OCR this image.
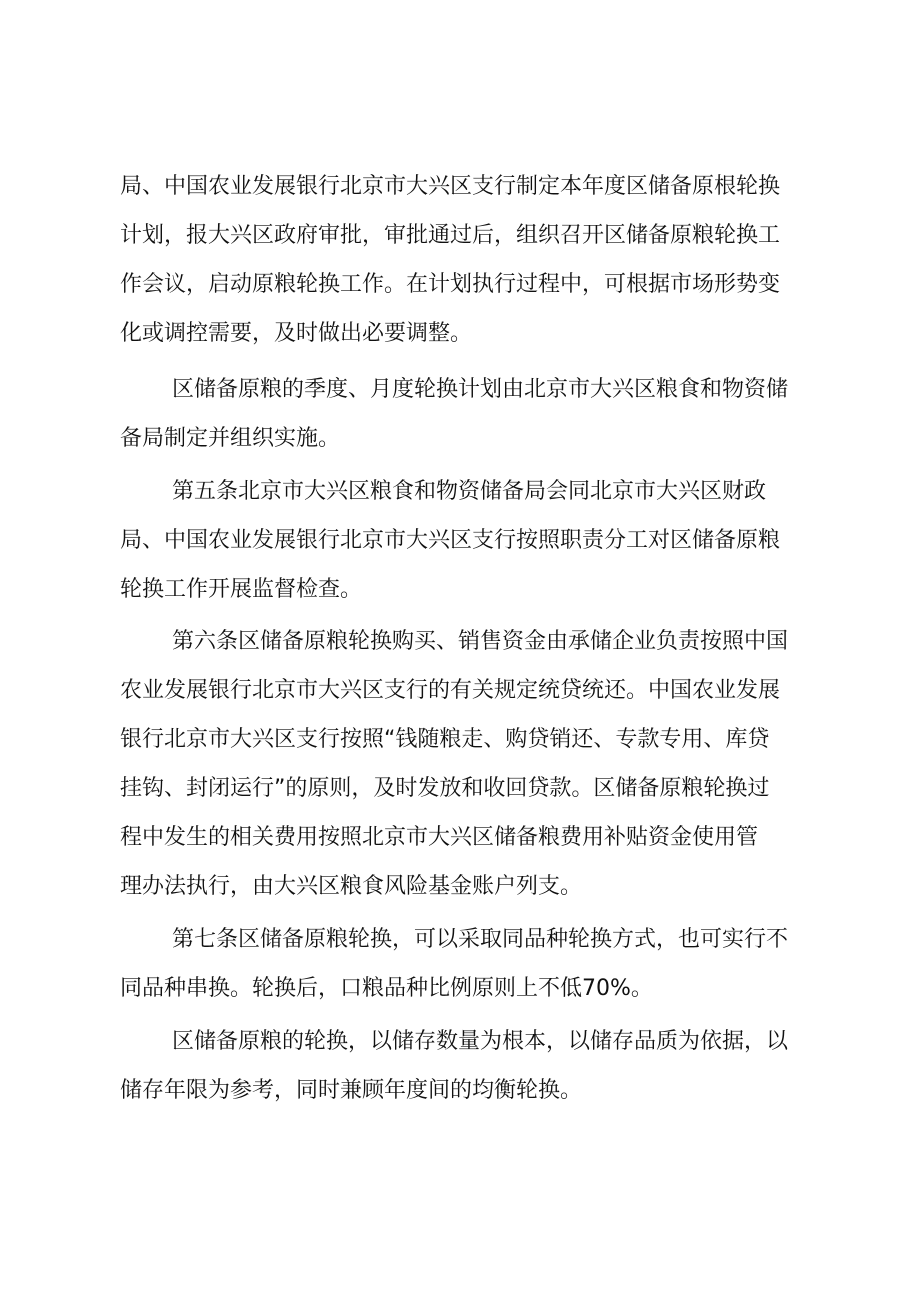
局、中国农业发展银行北京市大兴区支行制定本年度区储备原根轮换
计划，报大兴区政府审批，审批通过后，组织召开区储备原粮轮换工
作会议，启动原粮轮换工作。在计划执行过程中，可根据市场形势变
化或调控需要，及时做出必要调整。
区储备原粮的季度、月度轮换计划由北京市大兴区粮食和物资储
备局制定并组织实施。
第五条北京市大兴区粮食和物资储备局会同北京市大兴区财政
局、中国农业发展银行北京市大兴区支行按照职责分工对区储备原粮
轮换工作开展监督检查。
第六条区储备原粮轮换购买、销售资金由承储企业负责按照中国
农业发展银行北京市大兴区支行的有关规定统贷统还。中国农业发展
银行北京市大兴区支行按照“钱随粮走、购贷销还、专款专用、库贷
挂钩、封闭运行”的原则，及时发放和收回贷款。区储备原粮轮换过
程中发生的相关费用按照北京市大兴区储备粮费用补贴资金使用管
理办法执行，由大兴区粮食风险基金账户列支。
第七条区储备原粮轮换，可以采取同品种轮换方式，也可实行不
同品种串换。轮换后，口粮品种比例原则上不低70%。
区储备原粮的轮换，以储存数量为根本，以储存品质为依据，以
储存年限为参考，同时兼顾年度间的均衡轮换。
